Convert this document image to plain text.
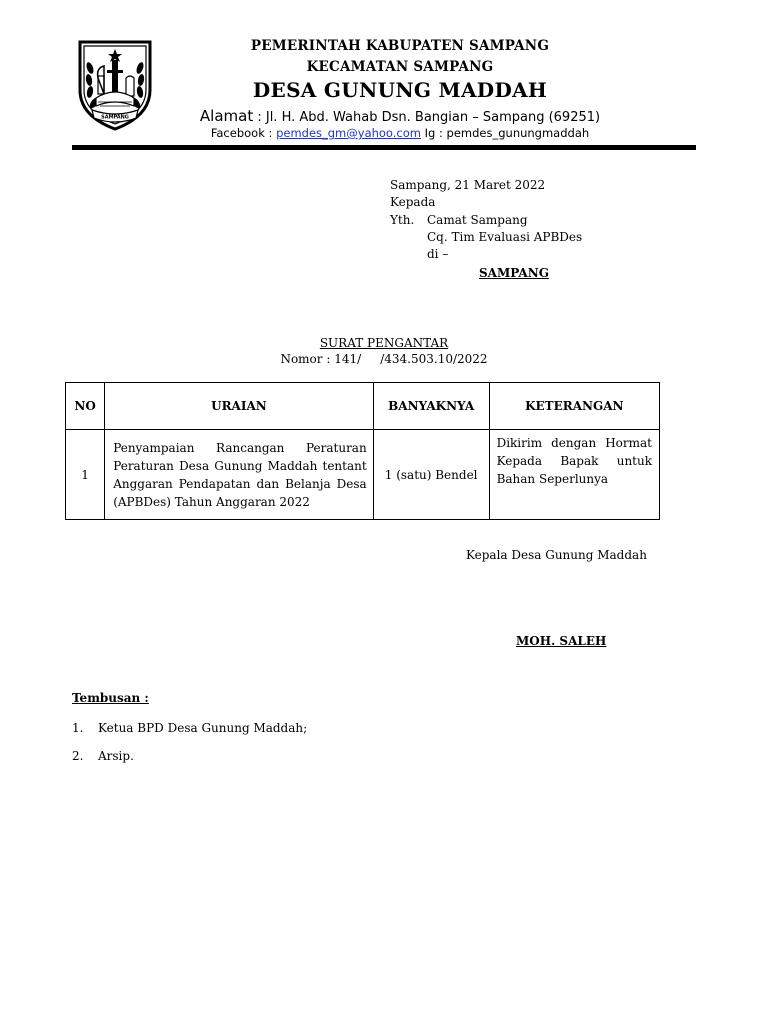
SAMPANG
PEMERINTAH KABUPATEN SAMPANG
KECAMATAN SAMPANG
DESA GUNUNG MADDAH
Alamat : Jl. H. Abd. Wahab Dsn. Bangian – Sampang (69251)
Facebook : pemdes_gm@yahoo.com Ig : pemdes_gunungmaddah
Sampang, 21 Maret 2022
Kepada
Yth. Camat Sampang
Cq. Tim Evaluasi APBDes
di –
SAMPANG
SURAT PENGANTAR
Nomor : 141/     /434.503.10/2022
NO	URAIAN	BANYAKNYA	KETERANGAN
1	Penyampaian Rancangan Peraturan Peraturan Desa Gunung Maddah tentant Anggaran Pendapatan dan Belanja Desa (APBDes) Tahun Anggaran 2022	1 (satu) Bendel	Dikirim dengan Hormat Kepada Bapak untuk Bahan Seperlunya
Kepala Desa Gunung Maddah
MOH. SALEH
Tembusan :
1. Ketua BPD Desa Gunung Maddah;
2. Arsip.
